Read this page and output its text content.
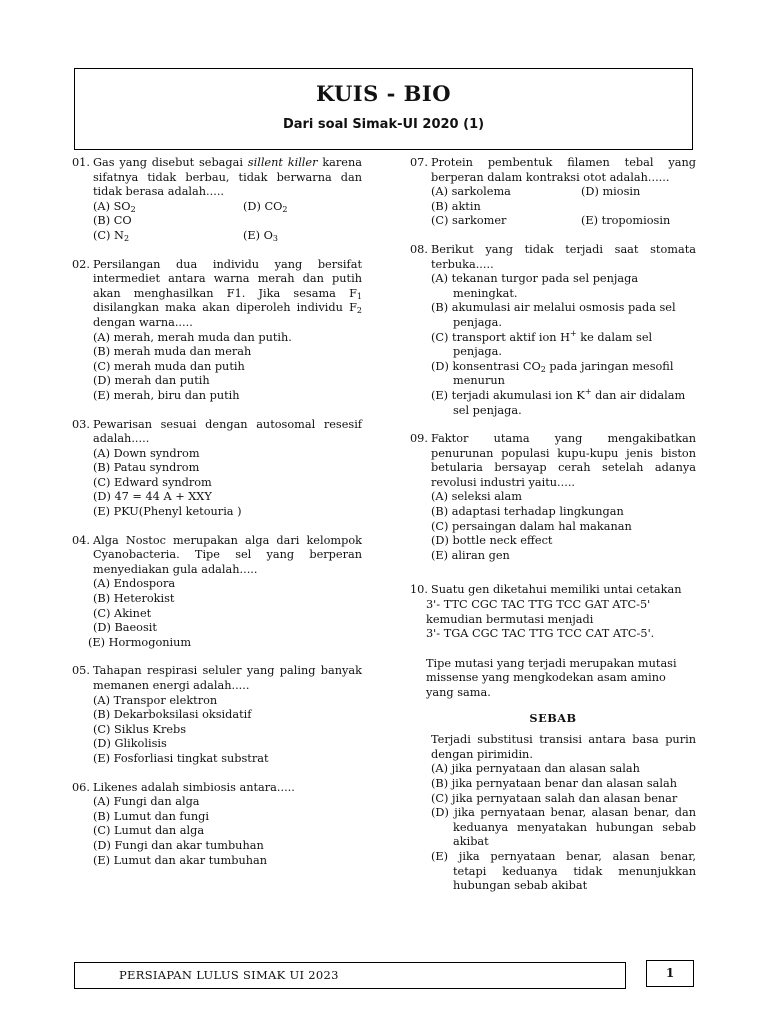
KUIS - BIO
Dari soal Simak-UI 2020 (1)
01. Gas yang disebut sebagai sillent killer karena sifatnya tidak berbau, tidak berwarna dan tidak berasa adalah.....
(A) $SO_2$	(D) $CO_2$
(B) CO
(C) $N_2$	(E) $O_3$
02. Persilangan dua individu yang bersifat intermediet antara warna merah dan putih akan menghasilkan F1. Jika sesama $F_1$ disilangkan maka akan diperoleh individu $F_2$ dengan warna.....
(A) merah, merah muda dan putih.
(B) merah muda dan merah
(C) merah muda dan putih
(D) merah dan putih
(E) merah, biru dan putih
03. Pewarisan sesuai dengan autosomal resesif adalah.....
(A) Down syndrom
(B) Patau syndrom
(C) Edward syndrom
(D) 47 = 44 A + XXY
(E) PKU(Phenyl ketouria )
04. Alga Nostoc merupakan alga dari kelompok Cyanobacteria. Tipe sel yang berperan menyediakan gula adalah.....
(A) Endospora
(B) Heterokist
(C) Akinet
(D) Baeosit
(E) Hormogonium
05. Tahapan respirasi seluler yang paling banyak memanen energi adalah.....
(A) Transpor elektron
(B) Dekarboksilasi oksidatif
(C) Siklus Krebs
(D) Glikolisis
(E) Fosforliasi tingkat substrat
06. Likenes adalah simbiosis antara.....
(A) Fungi dan alga
(B) Lumut dan fungi
(C) Lumut dan alga
(D) Fungi dan akar tumbuhan
(E) Lumut dan akar tumbuhan
07. Protein pembentuk filamen tebal yang berperan dalam kontraksi otot adalah......
(A) sarkolema	(D) miosin
(B) aktin
(C) sarkomer	(E) tropomiosin
08. Berikut yang tidak terjadi saat stomata terbuka.....
(A) tekanan turgor pada sel penjaga meningkat.
(B) akumulasi air melalui osmosis pada sel penjaga.
(C) transport aktif ion H+ ke dalam sel penjaga.
(D) konsentrasi $CO_2$ pada jaringan mesofil menurun
(E) terjadi akumulasi ion K+ dan air didalam sel penjaga.
09. Faktor utama yang mengakibatkan penurunan populasi kupu-kupu jenis biston betularia bersayap cerah setelah adanya revolusi industri yaitu.....
(A) seleksi alam
(B) adaptasi terhadap lingkungan
(C) persaingan dalam hal makanan
(D) bottle neck effect
(E) aliran gen
10. Suatu gen diketahui memiliki untai cetakan
3'- TTC CGC TAC TTG TCC GAT ATC-5'
kemudian bermutasi menjadi
3'- TGA CGC TAC TTG TCC CAT ATC-5'.
Tipe mutasi yang terjadi merupakan mutasi missense yang mengkodekan asam amino yang sama.
SEBAB
Terjadi substitusi transisi antara basa purin dengan pirimidin.
(A) jika pernyataan dan alasan salah
(B) jika pernyataan benar dan alasan salah
(C) jika pernyataan salah dan alasan benar
(D) jika pernyataan benar, alasan benar, dan keduanya menyatakan hubungan sebab akibat
(E) jika pernyataan benar, alasan benar, tetapi keduanya tidak menunjukkan hubungan sebab akibat
PERSIAPAN LULUS SIMAK UI 2023	1
